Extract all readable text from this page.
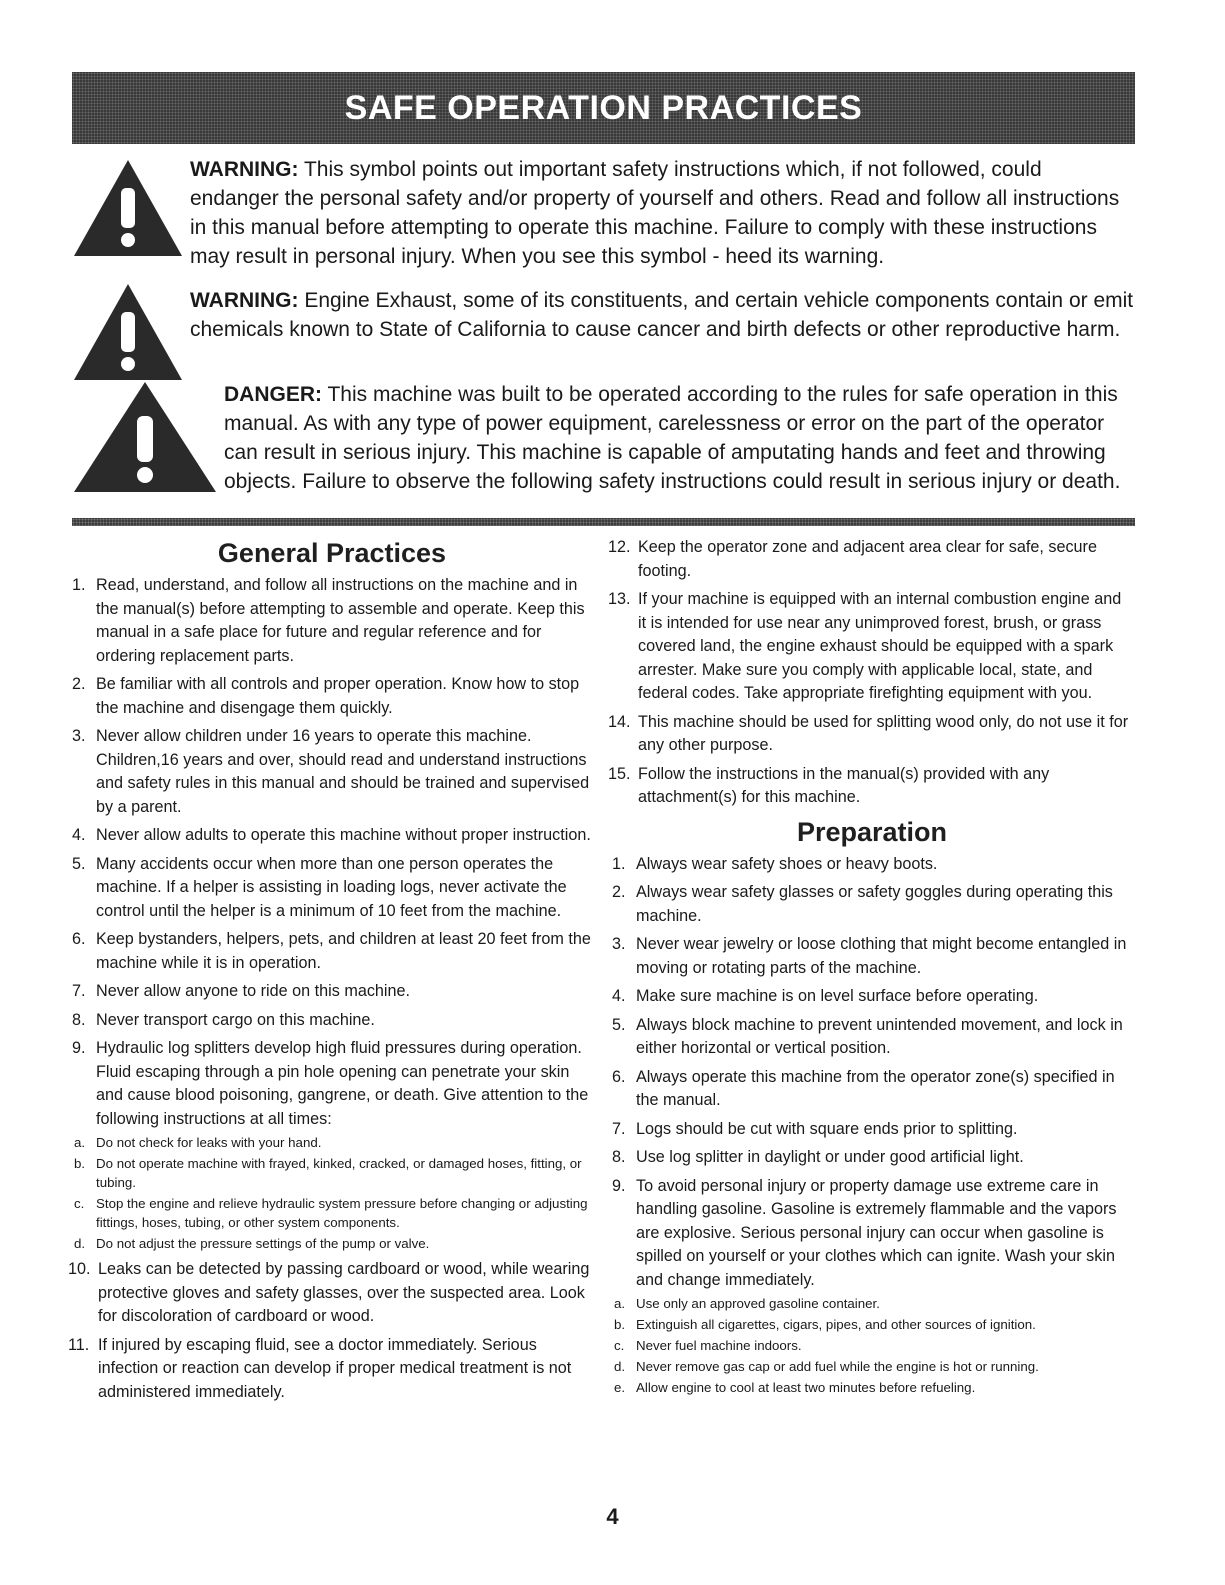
SAFE OPERATION PRACTICES
WARNING: This symbol points out important safety instructions which, if not followed, could endanger the personal safety and/or property of yourself and others. Read and follow all instructions in this manual before attempting to operate this machine. Failure to comply with these instructions may result in personal injury. When you see this symbol - heed its warning.
WARNING: Engine Exhaust, some of its constituents, and certain vehicle components contain or emit chemicals known to State of California to cause cancer and birth defects or other reproductive harm.
DANGER: This machine was built to be operated according to the rules for safe operation in this manual. As with any type of power equipment, carelessness or error on the part of the operator can result in serious injury. This machine is capable of amputating hands and feet and throwing objects. Failure to observe the following safety instructions could result in serious injury or death.
General Practices
1. Read, understand, and follow all instructions on the machine and in the manual(s) before attempting to assemble and operate. Keep this manual in a safe place for future and regular reference and for ordering replacement parts.
2. Be familiar with all controls and proper operation. Know how to stop the machine and disengage them quickly.
3. Never allow children under 16 years to operate this machine. Children,16 years and over, should read and understand instructions and safety rules in this manual and should be trained and supervised by a parent.
4. Never allow adults to operate this machine without proper instruction.
5. Many accidents occur when more than one person operates the machine. If a helper is assisting in loading logs, never activate the control until the helper is a minimum of 10 feet from the machine.
6. Keep bystanders, helpers, pets, and children at least 20 feet from the machine while it is in operation.
7. Never allow anyone to ride on this machine.
8. Never transport cargo on this machine.
9. Hydraulic log splitters develop high fluid pressures during operation. Fluid escaping through a pin hole opening can penetrate your skin and cause blood poisoning, gangrene, or death. Give attention to the following instructions at all times:
a. Do not check for leaks with your hand.
b. Do not operate machine with frayed, kinked, cracked, or damaged hoses, fitting, or tubing.
c. Stop the engine and relieve hydraulic system pressure before changing or adjusting fittings, hoses, tubing, or other system components.
d. Do not adjust the pressure settings of the pump or valve.
10. Leaks can be detected by passing cardboard or wood, while wearing protective gloves and safety glasses, over the suspected area. Look for discoloration of cardboard or wood.
11. If injured by escaping fluid, see a doctor immediately. Serious infection or reaction can develop if proper medical treatment is not administered immediately.
12. Keep the operator zone and adjacent area clear for safe, secure footing.
13. If your machine is equipped with an internal combustion engine and it is intended for use near any unimproved forest, brush, or grass covered land, the engine exhaust should be equipped with a spark arrester. Make sure you comply with applicable local, state, and federal codes. Take appropriate firefighting equipment with you.
14. This machine should be used for splitting wood only, do not use it for any other purpose.
15. Follow the instructions in the manual(s) provided with any attachment(s) for this machine.
Preparation
1. Always wear safety shoes or heavy boots.
2. Always wear safety glasses or safety goggles during operating this machine.
3. Never wear jewelry or loose clothing that might become entangled in moving or rotating parts of the machine.
4. Make sure machine is on level surface before operating.
5. Always block machine to prevent unintended movement, and lock in either horizontal or vertical position.
6. Always operate this machine from the operator zone(s) specified in the manual.
7. Logs should be cut with square ends prior to splitting.
8. Use log splitter in daylight or under good artificial light.
9. To avoid personal injury or property damage use extreme care in handling gasoline. Gasoline is extremely flammable and the vapors are explosive. Serious personal injury can occur when gasoline is spilled on yourself or your clothes which can ignite. Wash your skin and change immediately.
a. Use only an approved gasoline container.
b. Extinguish all cigarettes, cigars, pipes, and other sources of ignition.
c. Never fuel machine indoors.
d. Never remove gas cap or add fuel while the engine is hot or running.
e. Allow engine to cool at least two minutes before refueling.
4
